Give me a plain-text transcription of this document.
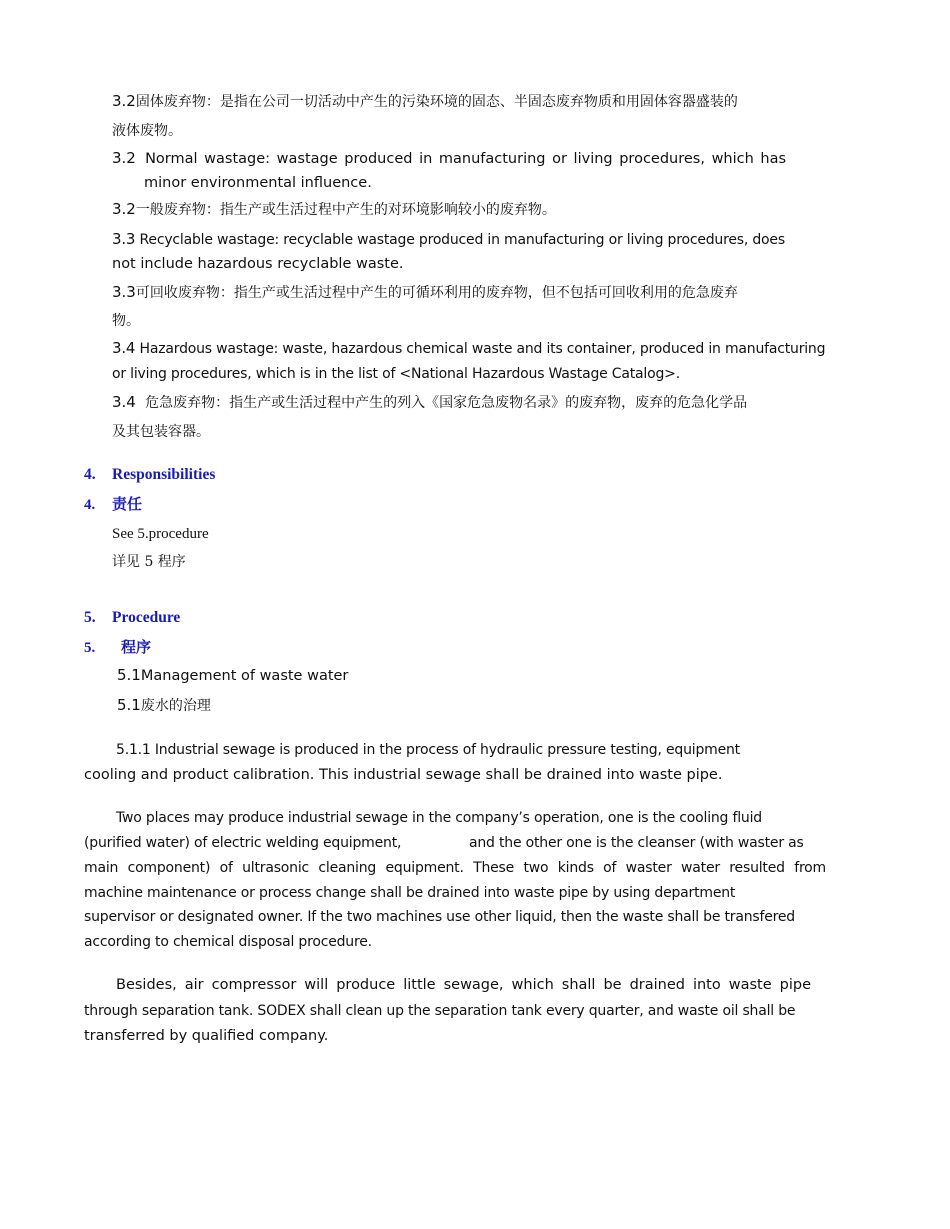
3.2固体废弃物：是指在公司一切活动中产生的污染环境的固态、半固态废弃物质和用固体容器盛装的
液体废物。
3.2 Normal wastage: wastage produced in manufacturing or living procedures, which has
minor environmental influence.
3.2一般废弃物：指生产或生活过程中产生的对环境影响较小的废弃物。
3.3 Recyclable wastage: recyclable wastage produced in manufacturing or living procedures, does
not include hazardous recyclable waste.
3.3可回收废弃物：指生产或生活过程中产生的可循环利用的废弃物，但不包括可回收利用的危急废弃
物。
3.4 Hazardous wastage: waste, hazardous chemical waste and its container, produced in manufacturing
or living procedures, which is in the list of <National Hazardous Wastage Catalog>.
3.4 危急废弃物：指生产或生活过程中产生的列入《国家危急废物名录》的废弃物，废弃的危急化学品
及其包装容器。
4. Responsibilities
4. 责任
See 5.procedure
详见 5 程序
5. Procedure
5. 程序
5.1Management of waste water
5.1废水的治理
5.1.1 Industrial sewage is produced in the process of hydraulic pressure testing, equipment
cooling and product calibration. This industrial sewage shall be drained into waste pipe.
Two places may produce industrial sewage in the company’s operation, one is the cooling fluid
(purified water) of electric welding equipment,	and the other one is the cleanser (with waster as
main component) of ultrasonic cleaning equipment. These two kinds of waster water resulted from
machine maintenance or process change shall be drained into waste pipe by using department
supervisor or designated owner. If the two machines use other liquid, then the waste shall be transfered
according to chemical disposal procedure.
Besides, air compressor will produce little sewage, which shall be drained into waste pipe
through separation tank. SODEX shall clean up the separation tank every quarter, and waste oil shall be
transferred by qualified company.
